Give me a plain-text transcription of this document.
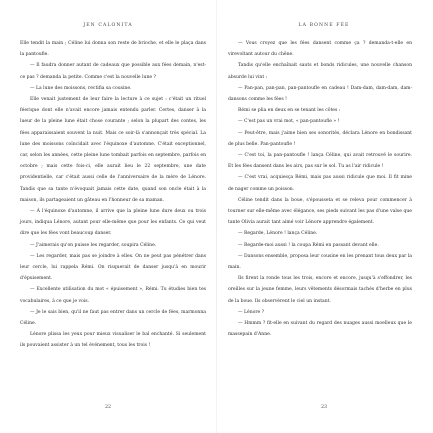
JEN CALONITA

Elle tendit la main ; Céline lui donna son reste de brioche, et elle le plaça dans la pantoufle.

— Il faudra donner autant de cadeaux que possible aux fées demain, n'est-ce pas ? demanda la petite. Comme c'est la nouvelle lune ?

— La lune des moissons, rectifia sa cousine.

Elle venait justement de leur faire la lecture à ce sujet : c'était un rituel féerique dont elle n'avait encore jamais entendu parler. Certes, danser à la lueur de la pleine lune était chose courante ; selon la plupart des contes, les fées apparaissaient souvent la nuit. Mais ce soir-là s'annonçait très spécial. La lune des moissons coïncidait avec l'équinoxe d'automne. C'était exceptionnel, car, selon les années, cette pleine lune tombait parfois en septembre, parfois en octobre ; mais cette fois-ci, elle aurait lieu le 22 septembre, une date providentielle, car c'était aussi celle de l'anniversaire de la mère de Lénore. Tandis que sa tante n'évoquait jamais cette date, quand son oncle était à la maison, ils partageaient un gâteau en l'honneur de sa maman.

— À l'équinoxe d'automne, il arrive que la pleine lune dure deux ou trois jours, indiqua Lénore, autant pour elle-même que pour les enfants. Ce qui veut dire que les fées vont beaucoup danser.

— J'aimerais qu'on puisse les regarder, soupira Céline.

— Les regarder, mais pas se joindre à elles. On ne peut pas pénétrer dans leur cercle, lui rappela Rémi. On risquerait de danser jusqu'à en mourir d'épuisement.

— Excellente utilisation du mot « épuisement », Rémi. Tu étudies bien tes vocabulaires, à ce que je vois.

— Je le sais bien, qu'il ne faut pas entrer dans un cercle de fées, marmonna Céline.

Lénore plissa les yeux pour mieux visualiser le bal enchanté. Si seulement ils pouvaient assister à un tel événement, tous les trois !

22
LA BONNE FÉE

— Vous croyez que les fées dansent comme ça ? demanda-t-elle en virevoltant autour du chêne.

Tandis qu'elle enchaînait sauts et bonds ridicules, une nouvelle chanson absurde lui vint :

— Pan-pan, pan-pan, pan-pantoufle en cadeau ! Dam-dam, dam-dam, dam-dansons comme les fées !

Rémi se plia en deux en se tenant les côtes :

— C'est pas un vrai mot, « pan-pantoufle » !

— Peut-être, mais j'aime bien ses sonorités, déclara Lénore en bondissant de plus belle. Pan-pantoufle !

— C'est toi, la pan-pantoufle ! lança Céline, qui avait retrouvé le sourire. Et les fées dansent dans les airs, pas sur le sol. Tu as l'air ridicule !

— C'est vrai, acquiesça Rémi, mais pas aussi ridicule que moi. Il fit mine de nager comme un poisson.

Céline tendit dans la boue, s'épousseta et se releva pour commencer à tourner sur elle-même avec élégance, ses pieds suivant les pas d'une valse que tante Olivia aurait tant aimé voir Lénore apprendre également.

— Regarde, Lénore ! lança Céline.

— Regarde-moi aussi ! la coupa Rémi en passant devant elle.

— Dansons ensemble, proposa leur cousine en les prenant tous deux par la main.

Ils firent la ronde tous les trois, encore et encore, jusqu'à s'effondrer, les oreilles sur la jeune femme, leurs vêtements désormais tachés d'herbe en plus de la boue. Ils observèrent le ciel un instant.

— Lénore ?

— Hmmm ? fit-elle en suivant du regard des nuages aussi moelleux que le massepain d'Anne.

23
